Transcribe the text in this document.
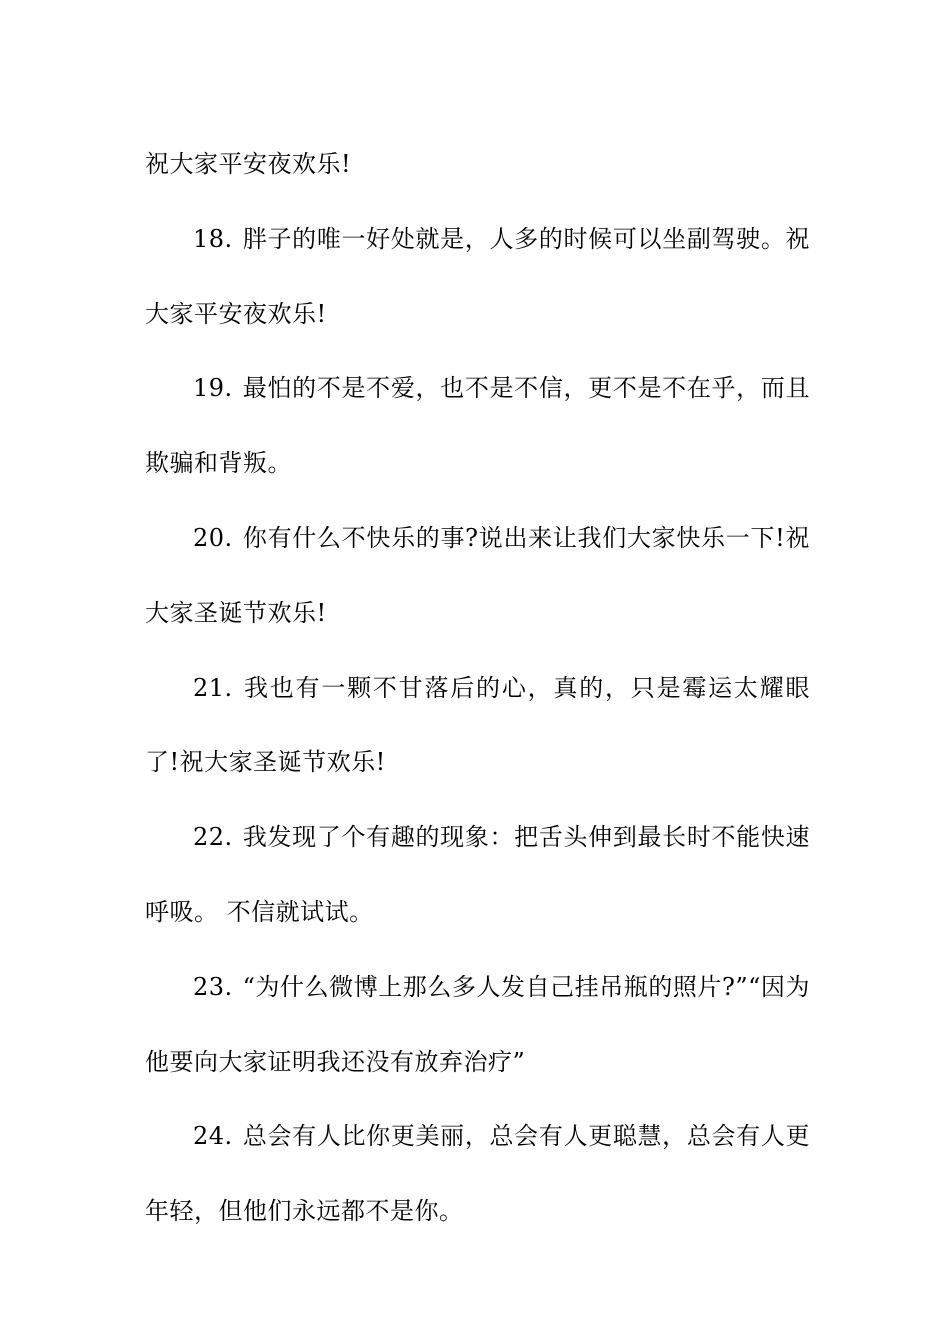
祝大家平安夜欢乐!

18. 胖子的唯一好处就是，人多的时候可以坐副驾驶。祝大家平安夜欢乐!

19. 最怕的不是不爱，也不是不信，更不是不在乎，而且欺骗和背叛。

20. 你有什么不快乐的事?说出来让我们大家快乐一下!祝大家圣诞节欢乐!

21. 我也有一颗不甘落后的心，真的，只是霉运太耀眼了!祝大家圣诞节欢乐!

22. 我发现了个有趣的现象：把舌头伸到最长时不能快速呼吸。 不信就试试。

23. “为什么微博上那么多人发自己挂吊瓶的照片?”“因为他要向大家证明我还没有放弃治疗”

24. 总会有人比你更美丽，总会有人更聪慧，总会有人更年轻，但他们永远都不是你。
